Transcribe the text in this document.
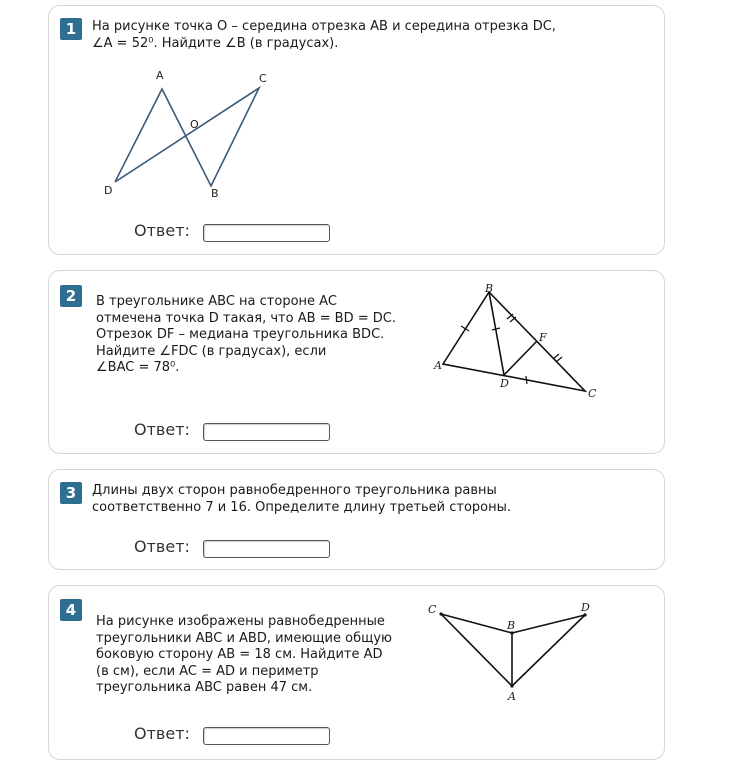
1	На рисунке точка О – середина отрезка АВ и середина отрезка DC,
∠A = 52⁰. Найдите ∠B (в градусах).
A	C
O
D	B
Ответ:
2	В треугольнике ABC на стороне AC
отмечена точка D такая, что AB = BD = DC.
Отрезок DF – медиана треугольника BDC.
Найдите ∠FDC (в градусах), если
∠BAC = 78⁰.
B
A
D
F
C
Ответ:
3	Длины двух сторон равнобедренного треугольника равны
соответственно 7 и 16. Определите длину третьей стороны.
Ответ:
4
На рисунке изображены равнобедренные
треугольники ABC и ABD, имеющие общую
боковую сторону AB = 18 см. Найдите AD
(в см), если AC = AD и периметр
треугольника ABC равен 47 см.
C
B
D
A
Ответ:
